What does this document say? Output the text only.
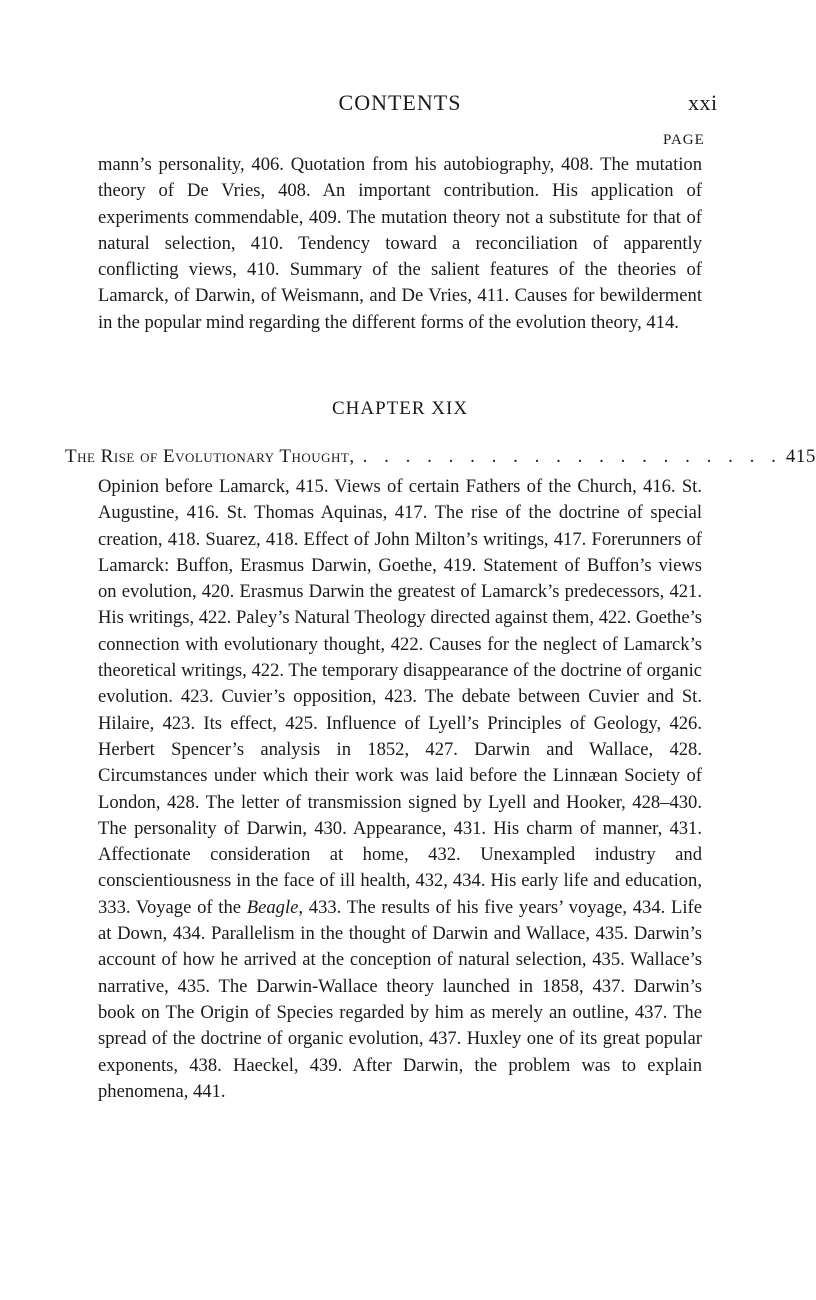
CONTENTS	xxi
PAGE

mann’s personality, 406. Quotation from his autobiography, 408. The mutation theory of De Vries, 408. An important contribution. His application of experiments commendable, 409. The mutation theory not a substitute for that of natural selection, 410. Tendency toward a reconciliation of apparently conflicting views, 410. Summary of the salient features of the theories of Lamarck, of Darwin, of Weismann, and De Vries, 411. Causes for bewilderment in the popular mind regarding the different forms of the evolution theory, 414.

CHAPTER XIX
The Rise of Evolutionary Thought, . . . . . . . . . . . . . . . . . . . . 415

Opinion before Lamarck, 415. Views of certain Fathers of the Church, 416. St. Augustine, 416. St. Thomas Aquinas, 417. The rise of the doctrine of special creation, 418. Suarez, 418. Effect of John Milton’s writings, 417. Forerunners of Lamarck: Buffon, Erasmus Darwin, Goethe, 419. Statement of Buffon’s views on evolution, 420. Erasmus Darwin the greatest of Lamarck’s predecessors, 421. His writings, 422. Paley’s Natural Theology directed against them, 422. Goethe’s connection with evolutionary thought, 422. Causes for the neglect of Lamarck’s theoretical writings, 422. The temporary disappearance of the doctrine of organic evolution. 423. Cuvier’s opposition, 423. The debate between Cuvier and St. Hilaire, 423. Its effect, 425. Influence of Lyell’s Principles of Geology, 426. Herbert Spencer’s analysis in 1852, 427. Darwin and Wallace, 428. Circumstances under which their work was laid before the Linnæan Society of London, 428. The letter of transmission signed by Lyell and Hooker, 428–430. The personality of Darwin, 430. Appearance, 431. His charm of manner, 431. Affectionate consideration at home, 432. Unexampled industry and conscientiousness in the face of ill health, 432, 434. His early life and education, 333. Voyage of the Beagle, 433. The results of his five years’ voyage, 434. Life at Down, 434. Parallelism in the thought of Darwin and Wallace, 435. Darwin’s account of how he arrived at the conception of natural selection, 435. Wallace’s narrative, 435. The Darwin-Wallace theory launched in 1858, 437. Darwin’s book on The Origin of Species regarded by him as merely an outline, 437. The spread of the doctrine of organic evolution, 437. Huxley one of its great popular exponents, 438. Haeckel, 439. After Darwin, the problem was to explain phenomena, 441.
